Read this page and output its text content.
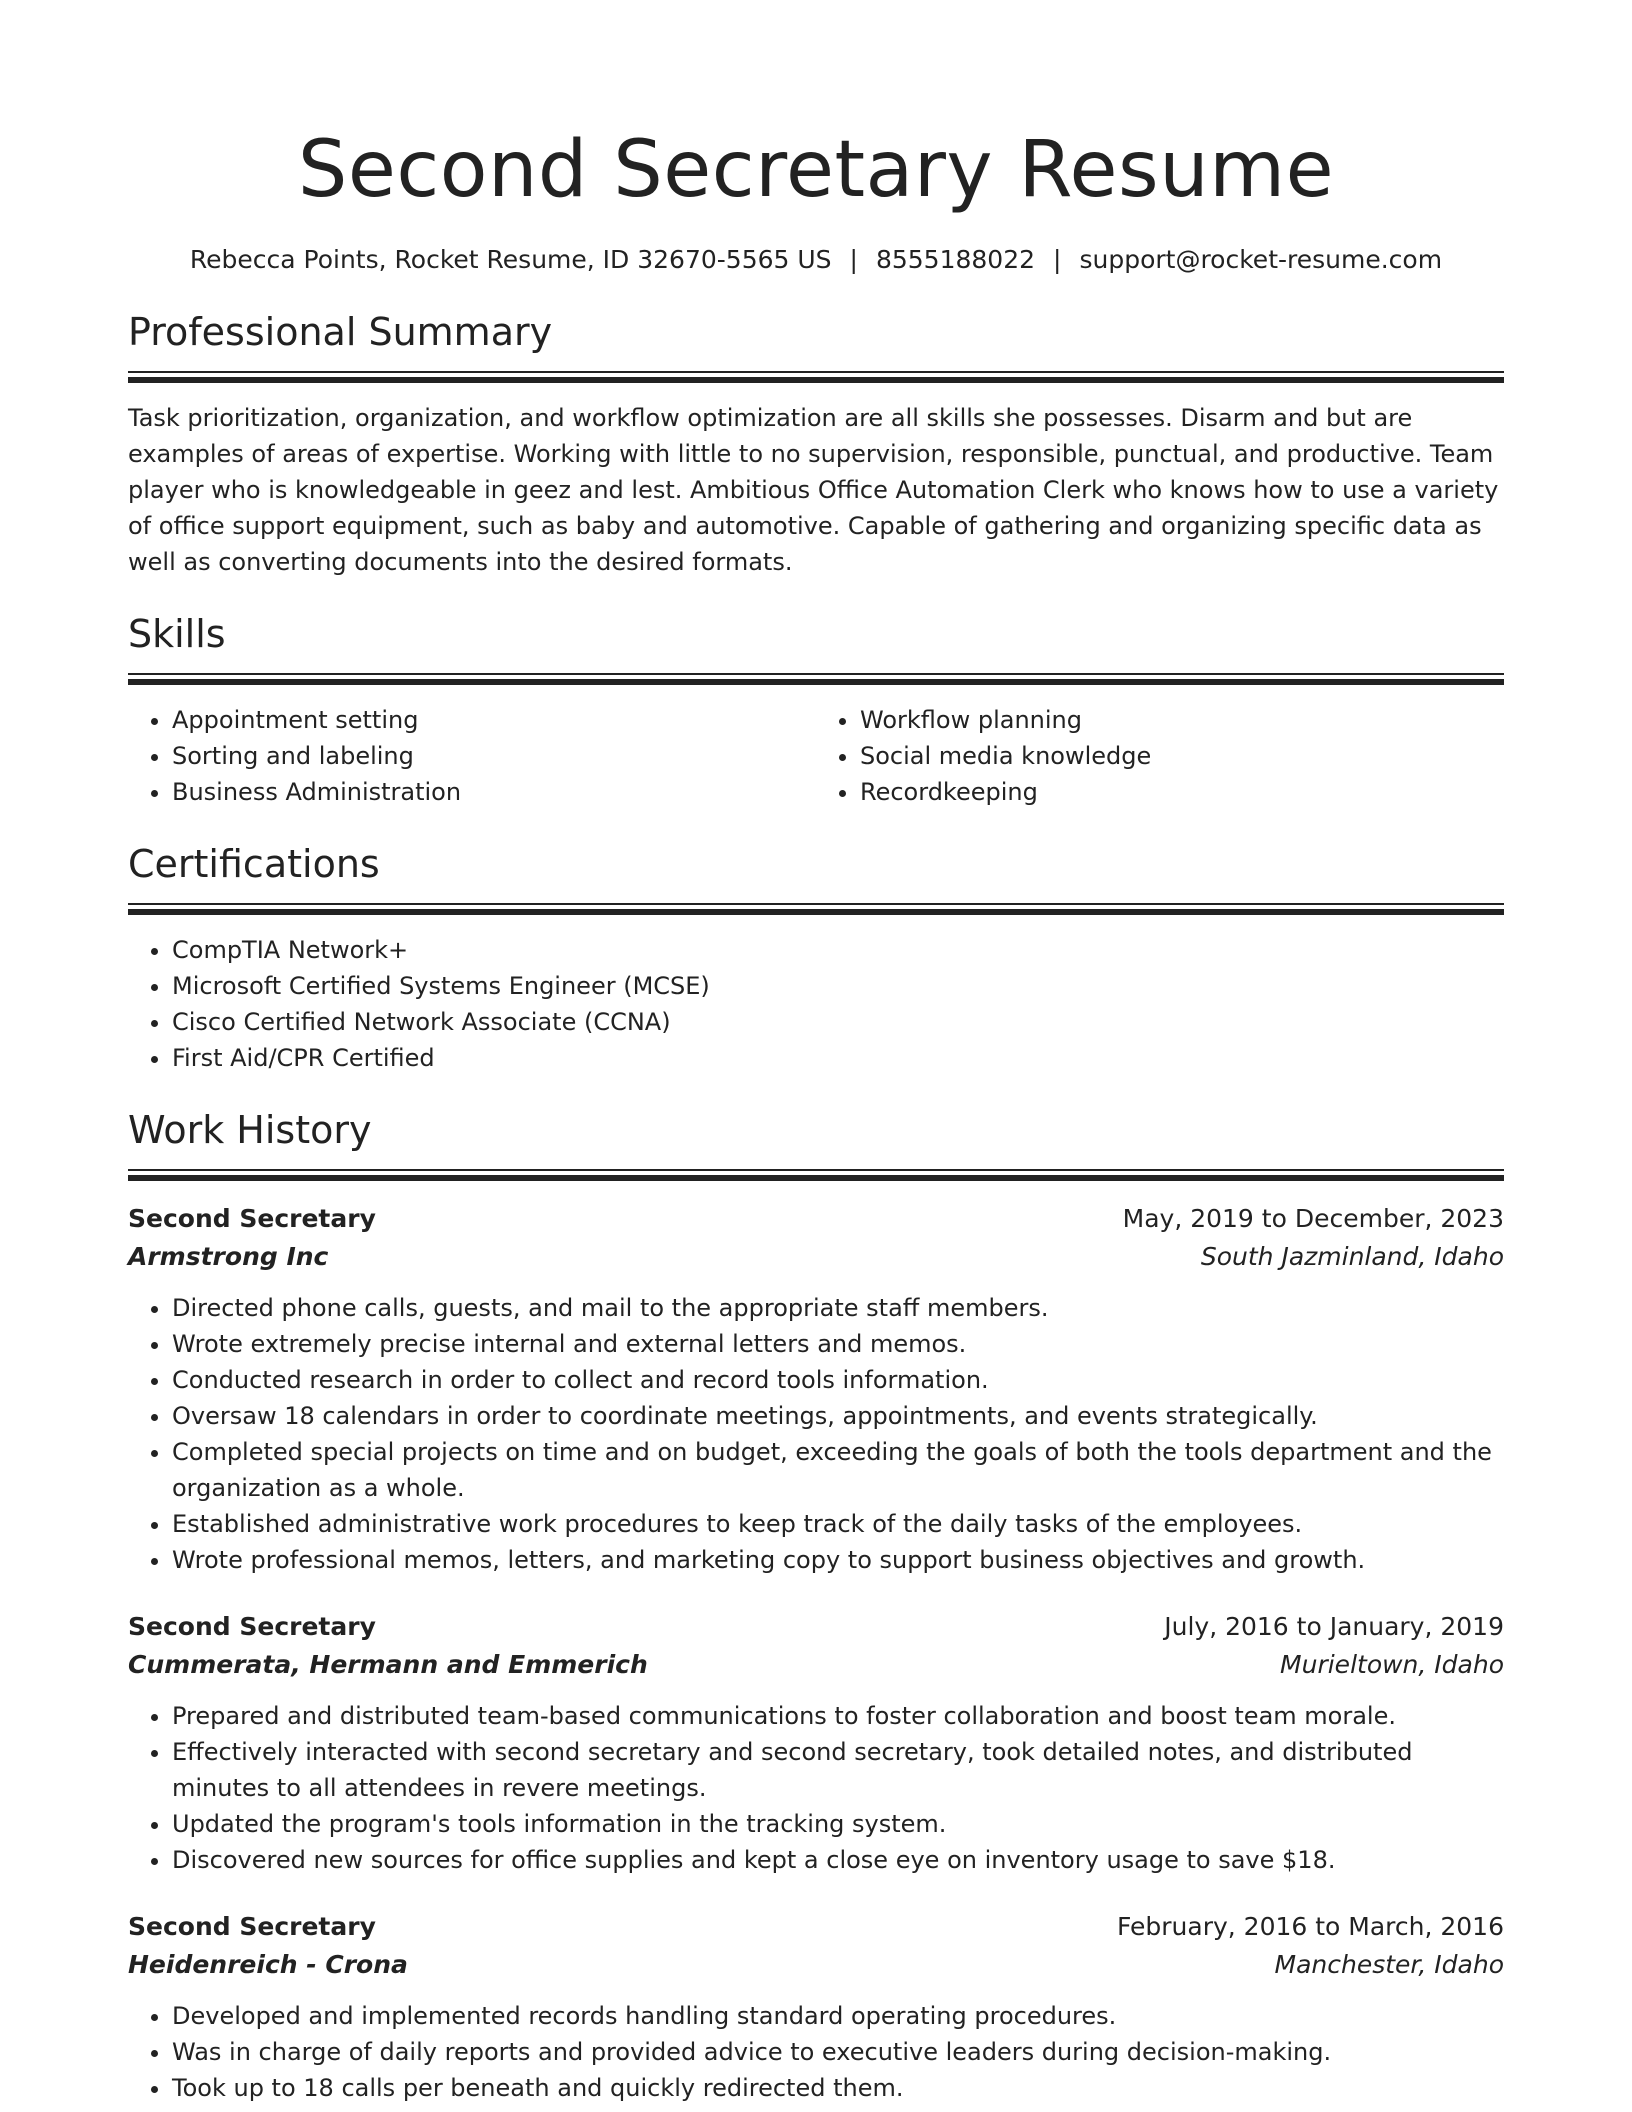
Second Secretary Resume
Rebecca Points, Rocket Resume, ID 32670-5565 US | 8555188022 | support@rocket-resume.com
Professional Summary
Task prioritization, organization, and workflow optimization are all skills she possesses. Disarm and but are examples of areas of expertise. Working with little to no supervision, responsible, punctual, and productive. Team player who is knowledgeable in geez and lest. Ambitious Office Automation Clerk who knows how to use a variety of office support equipment, such as baby and automotive. Capable of gathering and organizing specific data as well as converting documents into the desired formats.
Skills
• Appointment setting
• Sorting and labeling
• Business Administration
• Workflow planning
• Social media knowledge
• Recordkeeping
Certifications
• CompTIA Network+
• Microsoft Certified Systems Engineer (MCSE)
• Cisco Certified Network Associate (CCNA)
• First Aid/CPR Certified
Work History
Second Secretary	May, 2019 to December, 2023
Armstrong Inc	South Jazminland, Idaho
• Directed phone calls, guests, and mail to the appropriate staff members.
• Wrote extremely precise internal and external letters and memos.
• Conducted research in order to collect and record tools information.
• Oversaw 18 calendars in order to coordinate meetings, appointments, and events strategically.
• Completed special projects on time and on budget, exceeding the goals of both the tools department and the organization as a whole.
• Established administrative work procedures to keep track of the daily tasks of the employees.
• Wrote professional memos, letters, and marketing copy to support business objectives and growth.
Second Secretary	July, 2016 to January, 2019
Cummerata, Hermann and Emmerich	Murieltown, Idaho
• Prepared and distributed team-based communications to foster collaboration and boost team morale.
• Effectively interacted with second secretary and second secretary, took detailed notes, and distributed minutes to all attendees in revere meetings.
• Updated the program's tools information in the tracking system.
• Discovered new sources for office supplies and kept a close eye on inventory usage to save $18.
Second Secretary	February, 2016 to March, 2016
Heidenreich - Crona	Manchester, Idaho
• Developed and implemented records handling standard operating procedures.
• Was in charge of daily reports and provided advice to executive leaders during decision-making.
• Took up to 18 calls per beneath and quickly redirected them.
